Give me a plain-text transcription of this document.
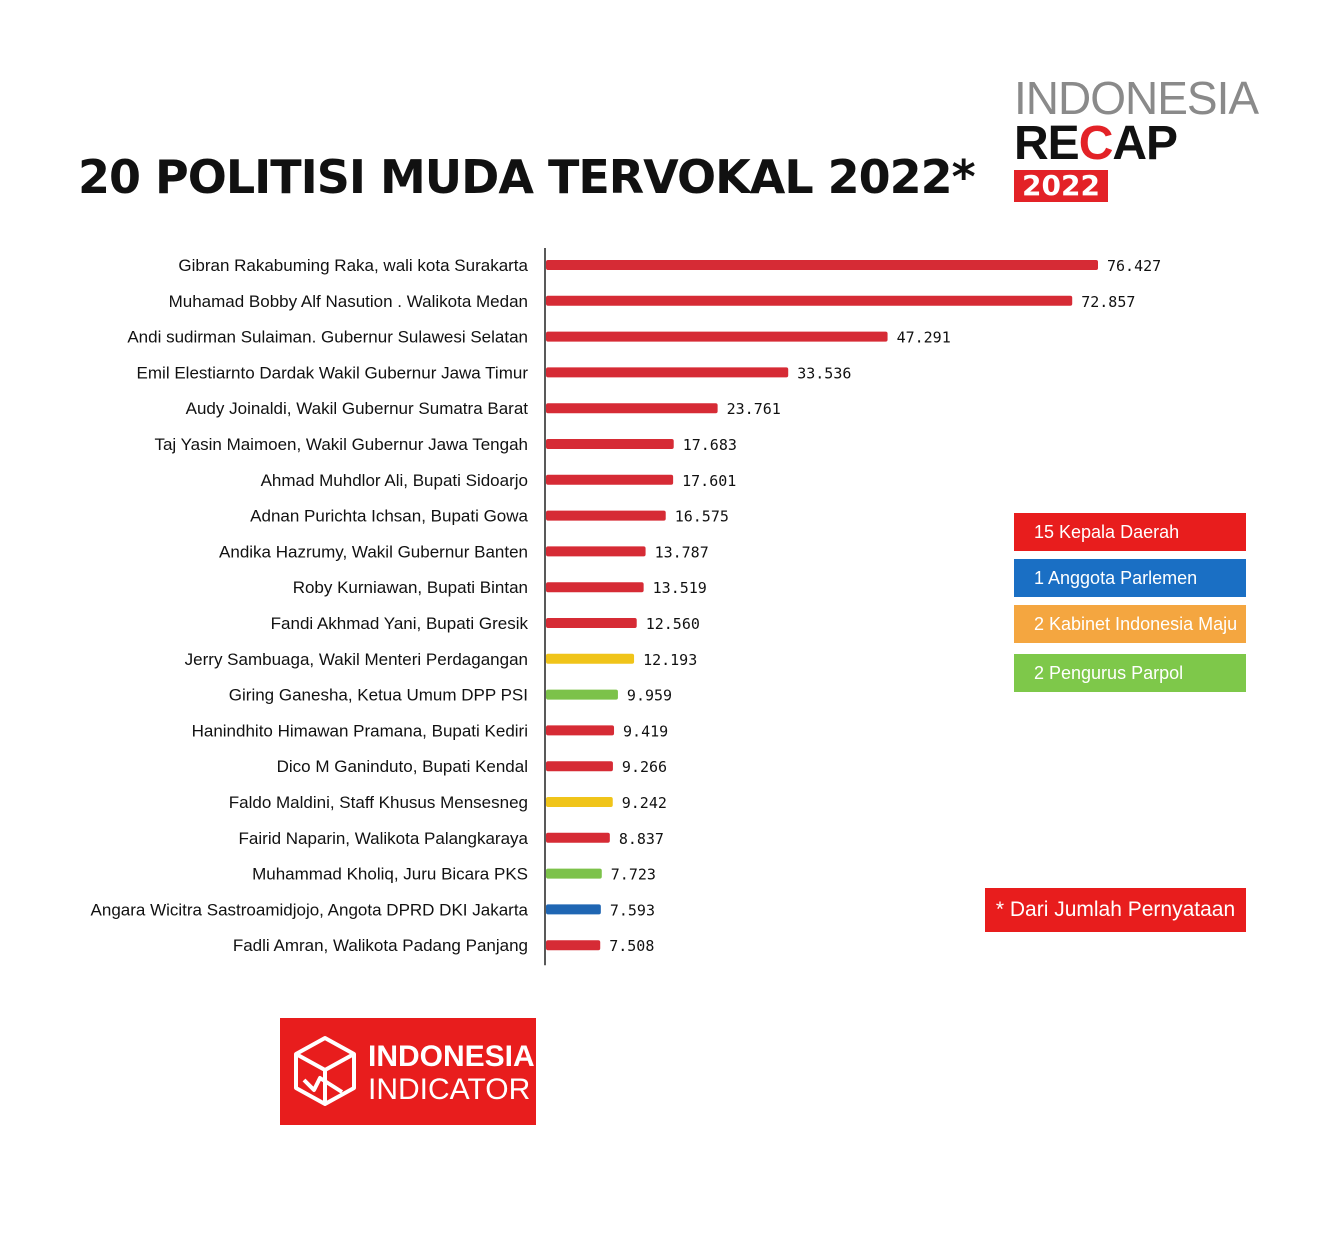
20 POLITISI MUDA TERVOKAL 2022*
INDONESIA
RECAP
2022
Gibran Rakabuming Raka, wali kota Surakarta	76.427
Muhamad Bobby Alf Nasution . Walikota Medan	72.857
Andi sudirman Sulaiman. Gubernur Sulawesi Selatan	47.291
Emil Elestiarnto Dardak Wakil Gubernur Jawa Timur	33.536
Audy Joinaldi, Wakil Gubernur Sumatra Barat	23.761
Taj Yasin Maimoen, Wakil Gubernur Jawa Tengah	17.683
Ahmad Muhdlor Ali, Bupati Sidoarjo	17.601
Adnan Purichta Ichsan, Bupati Gowa	16.575
Andika Hazrumy, Wakil Gubernur Banten	13.787
Roby Kurniawan, Bupati Bintan	13.519
Fandi Akhmad Yani, Bupati Gresik	12.560
Jerry Sambuaga, Wakil Menteri Perdagangan	12.193
Giring Ganesha, Ketua Umum DPP PSI	9.959
Hanindhito Himawan Pramana, Bupati Kediri	9.419
Dico M Ganinduto, Bupati Kendal	9.266
Faldo Maldini, Staff Khusus Mensesneg	9.242
Fairid Naparin, Walikota Palangkaraya	8.837
Muhammad Kholiq, Juru Bicara PKS	7.723
Angara Wicitra Sastroamidjojo, Angota DPRD DKI Jakarta	7.593
Fadli Amran, Walikota Padang Panjang	7.508
15 Kepala Daerah
1 Anggota Parlemen
2 Kabinet Indonesia Maju
2 Pengurus Parpol
* Dari Jumlah Pernyataan
INDONESIA
INDICATOR
